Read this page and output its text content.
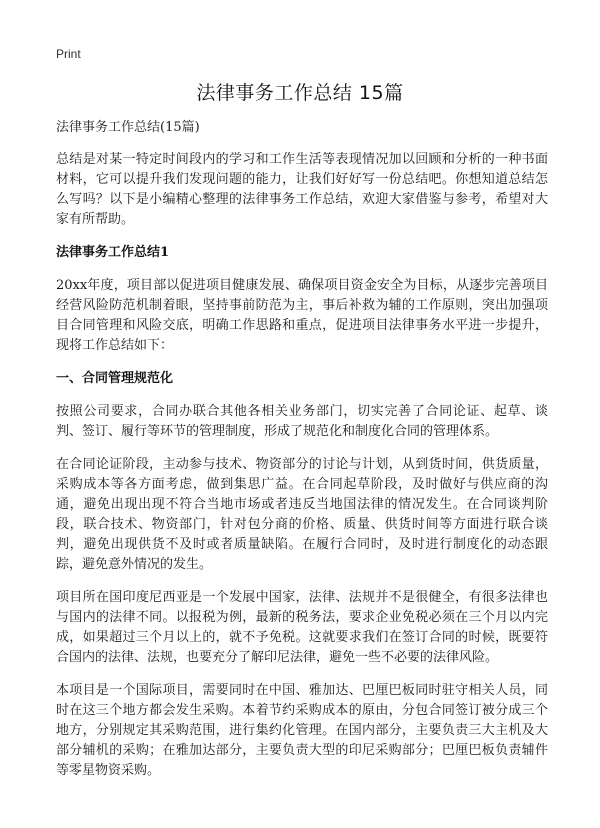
Print
法律事务工作总结 15篇
法律事务工作总结(15篇)

总结是对某一特定时间段内的学习和工作生活等表现情况加以回顾和分析的一种书面材料，它可以提升我们发现问题的能力，让我们好好写一份总结吧。你想知道总结怎么写吗？以下是小编精心整理的法律事务工作总结，欢迎大家借鉴与参考，希望对大家有所帮助。

法律事务工作总结1

20xx年度，项目部以促进项目健康发展、确保项目资金安全为目标，从逐步完善项目经营风险防范机制着眼，坚持事前防范为主，事后补救为辅的工作原则，突出加强项目合同管理和风险交底，明确工作思路和重点，促进项目法律事务水平进一步提升，现将工作总结如下：

一、合同管理规范化

按照公司要求，合同办联合其他各相关业务部门，切实完善了合同论证、起草、谈判、签订、履行等环节的管理制度，形成了规范化和制度化合同的管理体系。

在合同论证阶段，主动参与技术、物资部分的讨论与计划，从到货时间，供货质量，采购成本等各方面考虑，做到集思广益。在合同起草阶段，及时做好与供应商的沟通，避免出现出现不符合当地市场或者违反当地国法律的情况发生。在合同谈判阶段，联合技术、物资部门，针对包分商的价格、质量、供货时间等方面进行联合谈判，避免出现供货不及时或者质量缺陷。在履行合同时，及时进行制度化的动态跟踪，避免意外情况的发生。

项目所在国印度尼西亚是一个发展中国家，法律、法规并不是很健全，有很多法律也与国内的法律不同。以报税为例，最新的税务法，要求企业免税必须在三个月以内完成，如果超过三个月以上的，就不予免税。这就要求我们在签订合同的时候，既要符合国内的法律、法规，也要充分了解印尼法律，避免一些不必要的法律风险。

本项目是一个国际项目，需要同时在中国、雅加达、巴厘巴板同时驻守相关人员，同时在这三个地方都会发生采购。本着节约采购成本的原由，分包合同签订被分成三个地方，分别规定其采购范围，进行集约化管理。在国内部分，主要负责三大主机及大部分辅机的采购；在雅加达部分，主要负责大型的印尼采购部分；巴厘巴板负责辅件等零星物资采购。
